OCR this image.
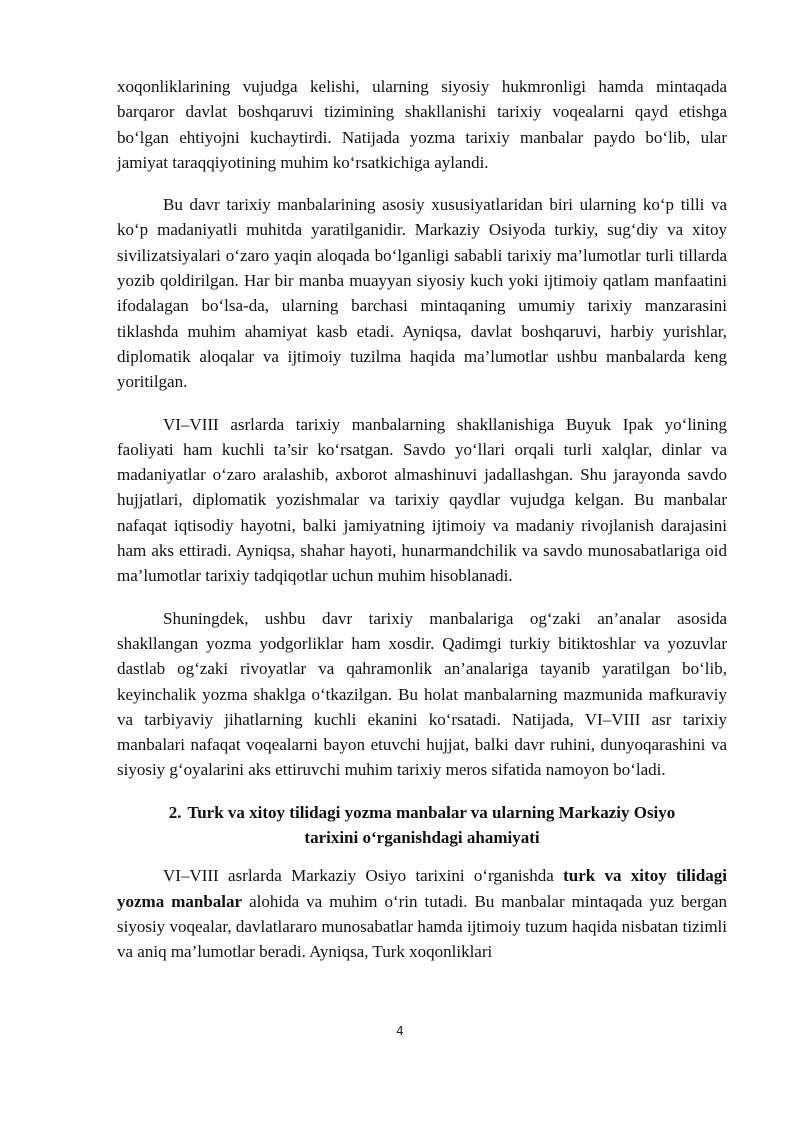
xoqonliklarining vujudga kelishi, ularning siyosiy hukmronligi hamda mintaqada barqaror davlat boshqaruvi tizimining shakllanishi tarixiy voqealarni qayd etishga bo‘lgan ehtiyojni kuchaytirdi. Natijada yozma tarixiy manbalar paydo bo‘lib, ular jamiyat taraqqiyotining muhim ko‘rsatkichiga aylandi.

Bu davr tarixiy manbalarining asosiy xususiyatlaridan biri ularning ko‘p tilli va ko‘p madaniyatli muhitda yaratilganidir. Markaziy Osiyoda turkiy, sug‘diy va xitoy sivilizatsiyalari o‘zaro yaqin aloqada bo‘lganligi sababli tarixiy ma’lumotlar turli tillarda yozib qoldirilgan. Har bir manba muayyan siyosiy kuch yoki ijtimoiy qatlam manfaatini ifodalagan bo‘lsa-da, ularning barchasi mintaqaning umumiy tarixiy manzarasini tiklashda muhim ahamiyat kasb etadi. Ayniqsa, davlat boshqaruvi, harbiy yurishlar, diplomatik aloqalar va ijtimoiy tuzilma haqida ma’lumotlar ushbu manbalarda keng yoritilgan.

VI–VIII asrlarda tarixiy manbalarning shakllanishiga Buyuk Ipak yo‘lining faoliyati ham kuchli ta’sir ko‘rsatgan. Savdo yo‘llari orqali turli xalqlar, dinlar va madaniyatlar o‘zaro aralashib, axborot almashinuvi jadallashgan. Shu jarayonda savdo hujjatlari, diplomatik yozishmalar va tarixiy qaydlar vujudga kelgan. Bu manbalar nafaqat iqtisodiy hayotni, balki jamiyatning ijtimoiy va madaniy rivojlanish darajasini ham aks ettiradi. Ayniqsa, shahar hayoti, hunarmandchilik va savdo munosabatlariga oid ma’lumotlar tarixiy tadqiqotlar uchun muhim hisoblanadi.

Shuningdek, ushbu davr tarixiy manbalariga og‘zaki an’analar asosida shakllangan yozma yodgorliklar ham xosdir. Qadimgi turkiy bitiktoshlar va yozuvlar dastlab og‘zaki rivoyatlar va qahramonlik an’analariga tayanib yaratilgan bo‘lib, keyinchalik yozma shaklga o‘tkazilgan. Bu holat manbalarning mazmunida mafkuraviy va tarbiyaviy jihatlarning kuchli ekanini ko‘rsatadi. Natijada, VI–VIII asr tarixiy manbalari nafaqat voqealarni bayon etuvchi hujjat, balki davr ruhini, dunyoqarashini va siyosiy g‘oyalarini aks ettiruvchi muhim tarixiy meros sifatida namoyon bo‘ladi.

2. Turk va xitoy tilidagi yozma manbalar va ularning Markaziy Osiyo
tarixini o‘rganishdagi ahamiyati

VI–VIII asrlarda Markaziy Osiyo tarixini o‘rganishda turk va xitoy tilidagi yozma manbalar alohida va muhim o‘rin tutadi. Bu manbalar mintaqada yuz bergan siyosiy voqealar, davlatlararo munosabatlar hamda ijtimoiy tuzum haqida nisbatan tizimli va aniq ma’lumotlar beradi. Ayniqsa, Turk xoqonliklari

4
